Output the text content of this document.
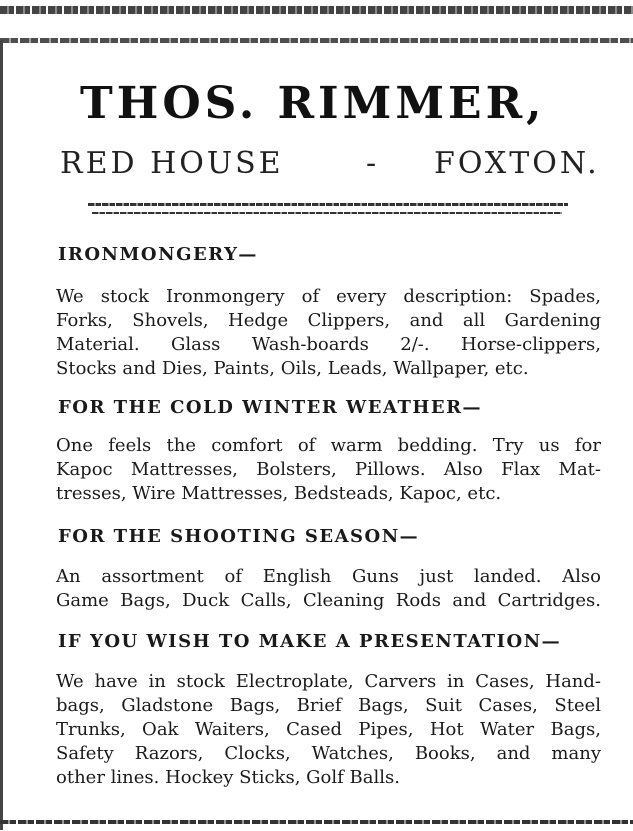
THOS. RIMMER,
RED HOUSE	- FOXTON.
IRONMONGERY—
We stock Ironmongery of every description: Spades,
Forks, Shovels, Hedge Clippers, and all Gardening
Material. Glass Wash-boards 2/-. Horse-clippers,
Stocks and Dies, Paints, Oils, Leads, Wallpaper, etc.
FOR THE COLD WINTER WEATHER—
One feels the comfort of warm bedding. Try us for
Kapoc Mattresses, Bolsters, Pillows. Also Flax Mat-
tresses, Wire Mattresses, Bedsteads, Kapoc, etc.
FOR THE SHOOTING SEASON—
An assortment of English Guns just landed. Also
Game Bags, Duck Calls, Cleaning Rods and Cartridges.
IF YOU WISH TO MAKE A PRESENTATION—
We have in stock Electroplate, Carvers in Cases, Hand-
bags, Gladstone Bags, Brief Bags, Suit Cases, Steel
Trunks, Oak Waiters, Cased Pipes, Hot Water Bags,
Safety Razors, Clocks, Watches, Books, and many
other lines. Hockey Sticks, Golf Balls.
